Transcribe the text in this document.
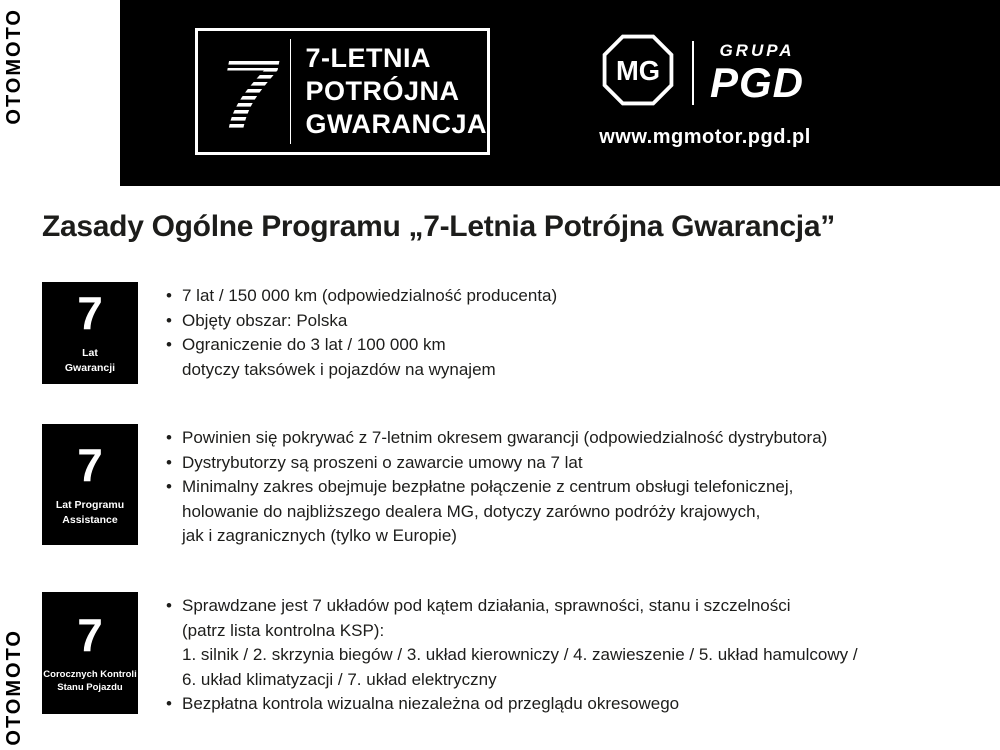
OTOMOTO
OTOMOTO
7 7-LETNIA
POTRÓJNA
GWARANCJA
MG
GRUPA
PGD
www.mgmotor.pgd.pl
Zasady Ogólne Programu „7-Letnia Potrójna Gwarancja”
7
Lat
Gwarancji
• 7 lat / 150 000 km (odpowiedzialność producenta)
• Objęty obszar: Polska
• Ograniczenie do 3 lat / 100 000 km
dotyczy taksówek i pojazdów na wynajem
7
Lat Programu
Assistance
• Powinien się pokrywać z 7-letnim okresem gwarancji (odpowiedzialność dystrybutora)
• Dystrybutorzy są proszeni o zawarcie umowy na 7 lat
• Minimalny zakres obejmuje bezpłatne połączenie z centrum obsługi telefonicznej,
holowanie do najbliższego dealera MG, dotyczy zarówno podróży krajowych,
jak i zagranicznych (tylko w Europie)
7
Corocznych Kontroli
Stanu Pojazdu
• Sprawdzane jest 7 układów pod kątem działania, sprawności, stanu i szczelności
(patrz lista kontrolna KSP):
1. silnik / 2. skrzynia biegów / 3. układ kierowniczy / 4. zawieszenie / 5. układ hamulcowy /
6. układ klimatyzacji / 7. układ elektryczny
• Bezpłatna kontrola wizualna niezależna od przeglądu okresowego
